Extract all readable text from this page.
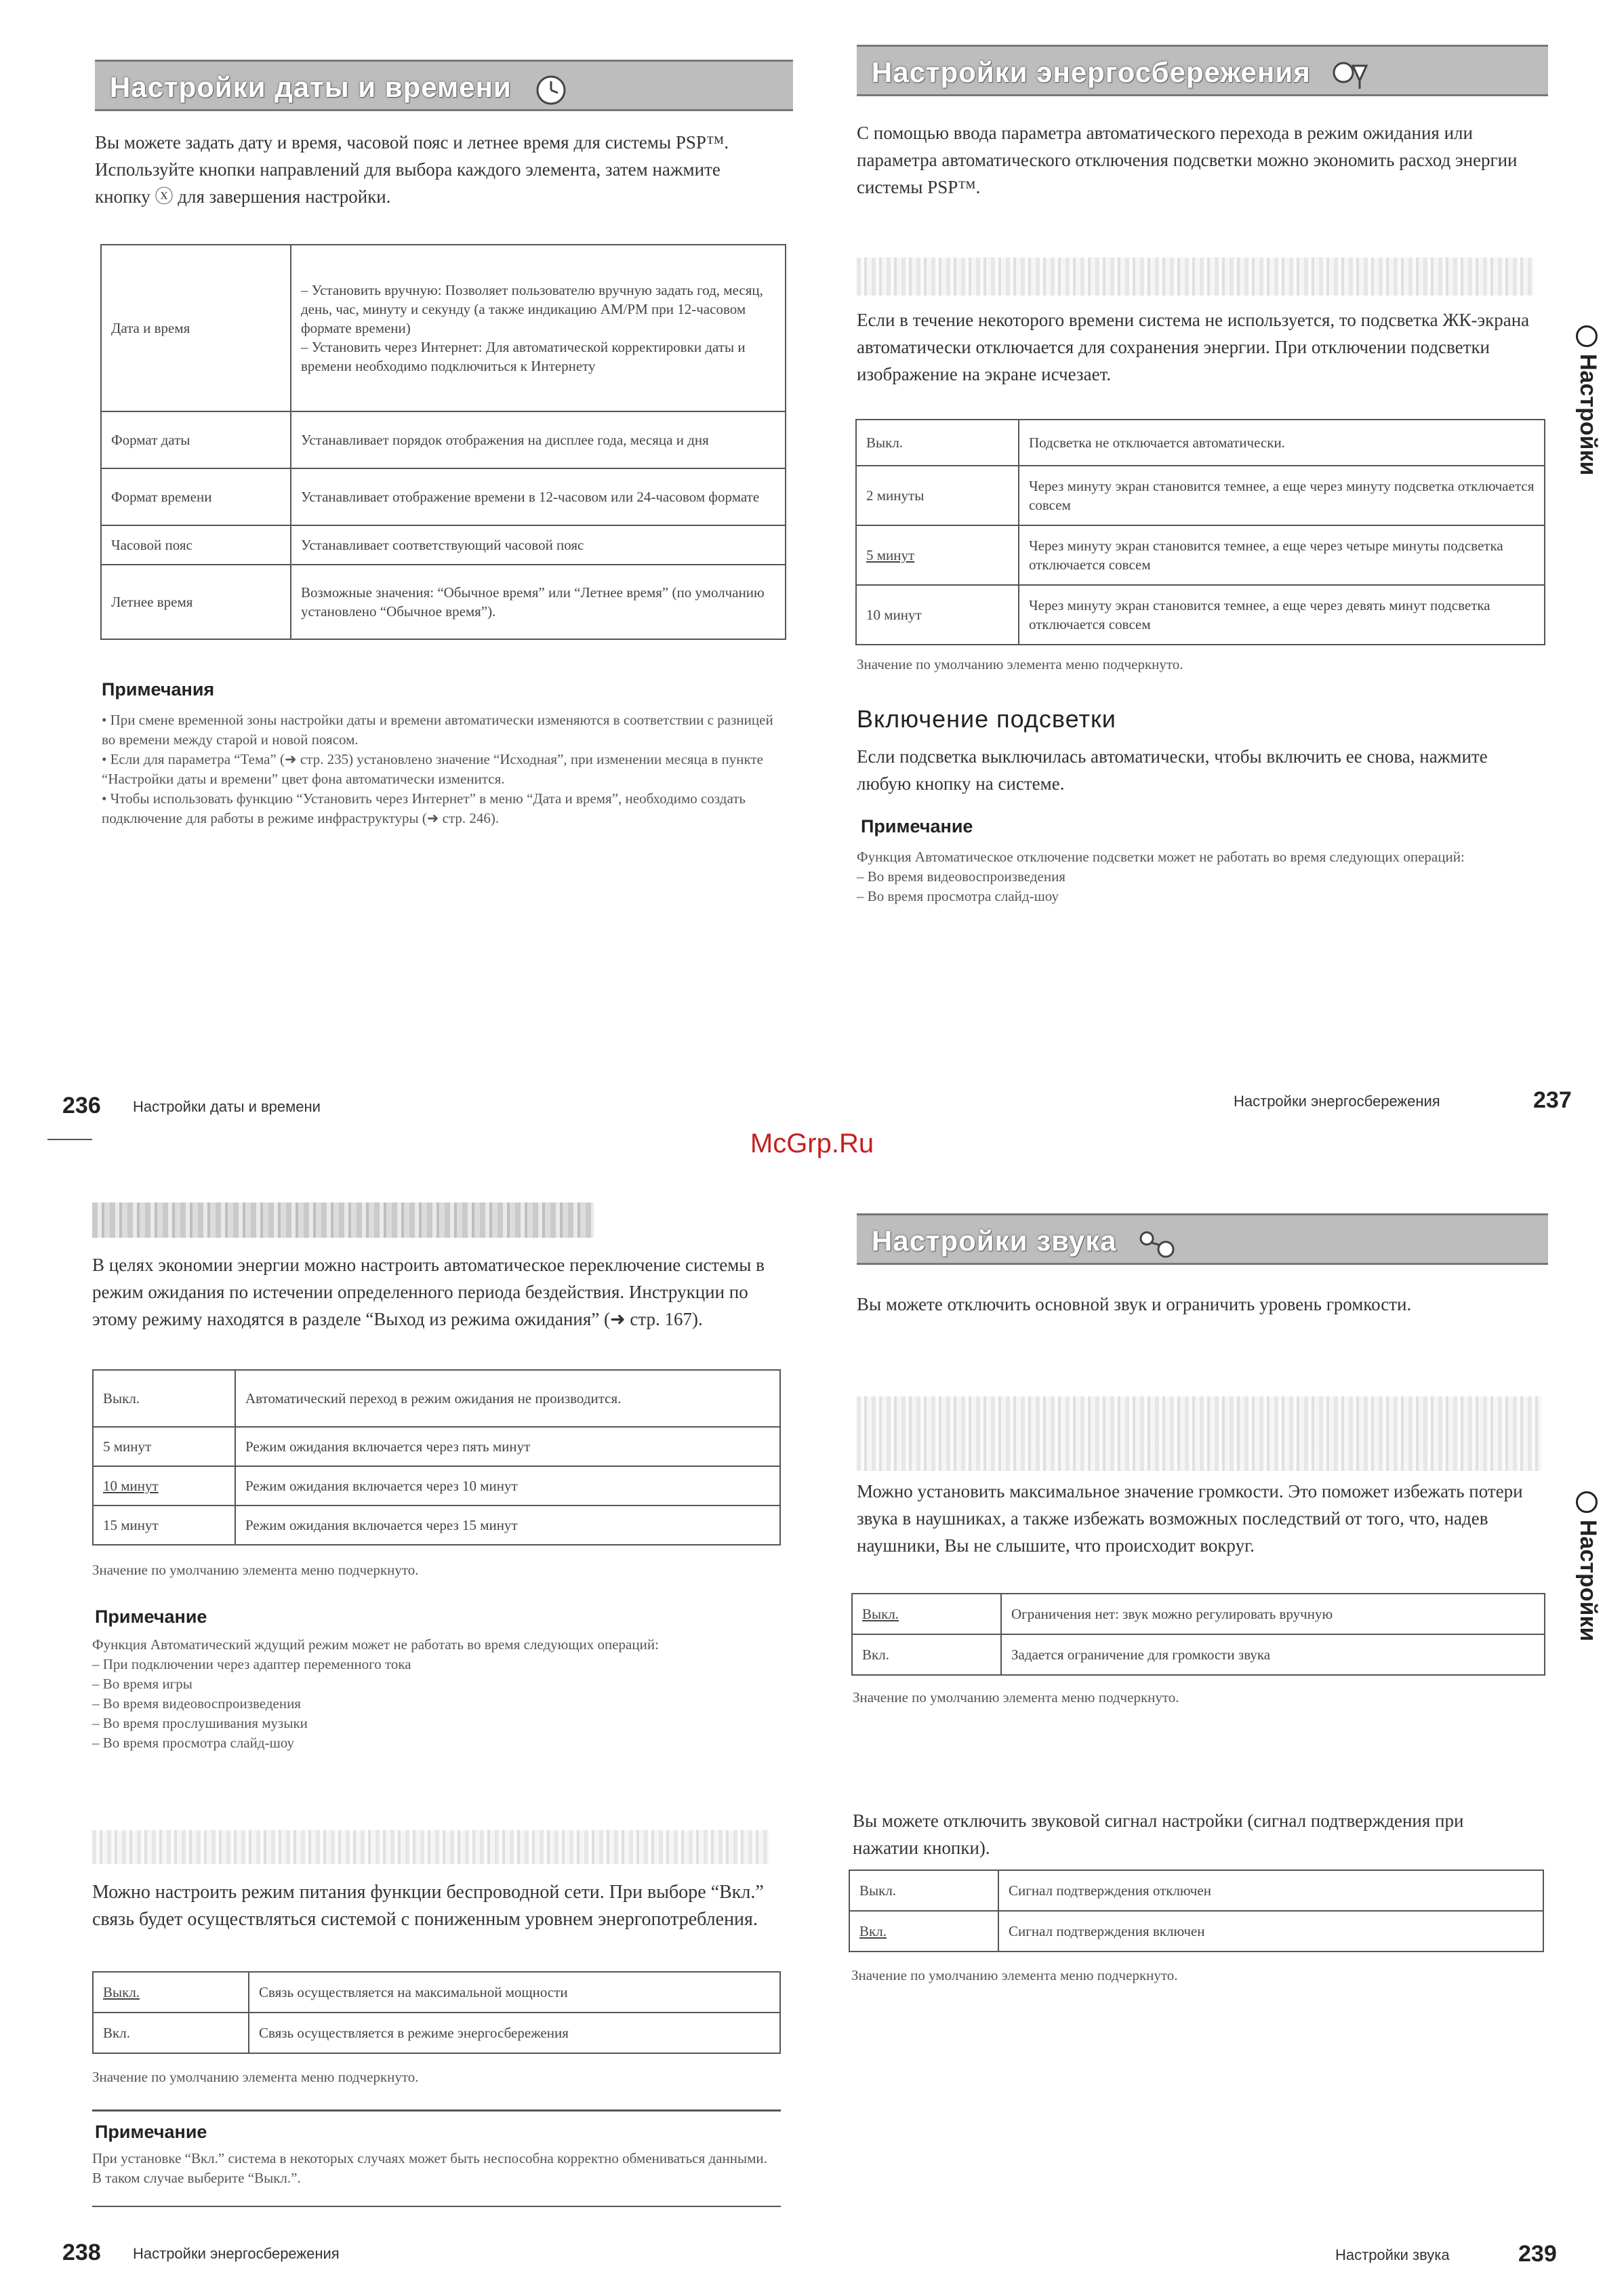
McGrp.Ru
Настройки даты и времени
Вы можете задать дату и время, часовой пояс и летнее время для системы PSP™. Используйте кнопки направлений для выбора каждого элемента, затем нажмите кнопку ⓧ для завершения настройки.
Дата и время	– Установить вручную: Позволяет пользователю вручную задать год, месяц, день, час, минуту и секунду (а также индикацию AM/PM при 12-часовом формате времени)
– Установить через Интернет: Для автоматической корректировки даты и времени необходимо подключиться к Интернету
Формат даты	Устанавливает порядок отображения на дисплее года, месяца и дня
Формат времени	Устанавливает отображение времени в 12-часовом или 24-часовом формате
Часовой пояс	Устанавливает соответствующий часовой пояс
Летнее время	Возможные значения: “Обычное время” или “Летнее время” (по умолчанию установлено “Обычное время”).
Примечания
• При смене временной зоны настройки даты и времени автоматически изменяются в соответствии с разницей во времени между старой и новой поясом.
• Если для параметра “Тема” (➜ стр. 235) установлено значение “Исходная”, при изменении месяца в пункте “Настройки даты и времени” цвет фона автоматически изменится.
• Чтобы использовать функцию “Установить через Интернет” в меню “Дата и время”, необходимо создать подключение для работы в режиме инфраструктуры (➜ стр. 246).
236 Настройки даты и времени
Настройки энергосбережения
С помощью ввода параметра автоматического перехода в режим ожидания или параметра автоматического отключения подсветки можно экономить расход энергии системы PSP™.
Если в течение некоторого времени система не используется, то подсветка ЖК-экрана автоматически отключается для сохранения энергии. При отключении подсветки изображение на экране исчезает.
Выкл.	Подсветка не отключается автоматически.
2 минуты	Через минуту экран становится темнее, а еще через минуту подсветка отключается совсем
5 минут	Через минуту экран становится темнее, а еще через четыре минуты подсветка отключается совсем
10 минут	Через минуту экран становится темнее, а еще через девять минут подсветка отключается совсем
Значение по умолчанию элемента меню подчеркнуто.
Включение подсветки
Если подсветка выключилась автоматически, чтобы включить ее снова, нажмите любую кнопку на системе.
Примечание
Функция Автоматическое отключение подсветки может не работать во время следующих операций:
– Во время видеовоспроизведения
– Во время просмотра слайд-шоу
Настройки
Настройки энергосбережения	237
В целях экономии энергии можно настроить автоматическое переключение системы в режим ожидания по истечении определенного периода бездействия. Инструкции по этому режиму находятся в разделе “Выход из режима ожидания” (➜ стр. 167).
Выкл.	Автоматический переход в режим ожидания не производится.
5 минут	Режим ожидания включается через пять минут
10 минут	Режим ожидания включается через 10 минут
15 минут	Режим ожидания включается через 15 минут
Значение по умолчанию элемента меню подчеркнуто.
Примечание
Функция Автоматический ждущий режим может не работать во время следующих операций:
– При подключении через адаптер переменного тока
– Во время игры
– Во время видеовоспроизведения
– Во время прослушивания музыки
– Во время просмотра слайд-шоу
Можно настроить режим питания функции беспроводной сети. При выборе “Вкл.” связь будет осуществляться системой с пониженным уровнем энергопотребления.
Выкл.	Связь осуществляется на максимальной мощности
Вкл.	Связь осуществляется в режиме энергосбережения
Значение по умолчанию элемента меню подчеркнуто.
Примечание
При установке “Вкл.” система в некоторых случаях может быть неспособна корректно обмениваться данными. В таком случае выберите “Выкл.”.
238 Настройки энергосбережения
Настройки звука
Вы можете отключить основной звук и ограничить уровень громкости.
Можно установить максимальное значение громкости. Это поможет избежать потери звука в наушниках, а также избежать возможных последствий от того, что, надев наушники, Вы не слышите, что происходит вокруг.
Выкл.	Ограничения нет: звук можно регулировать вручную
Вкл.	Задается ограничение для громкости звука
Значение по умолчанию элемента меню подчеркнуто.
Вы можете отключить звуковой сигнал настройки (сигнал подтверждения при нажатии кнопки).
Выкл.	Сигнал подтверждения отключен
Вкл.	Сигнал подтверждения включен
Значение по умолчанию элемента меню подчеркнуто.
Настройки
Настройки звука	239
